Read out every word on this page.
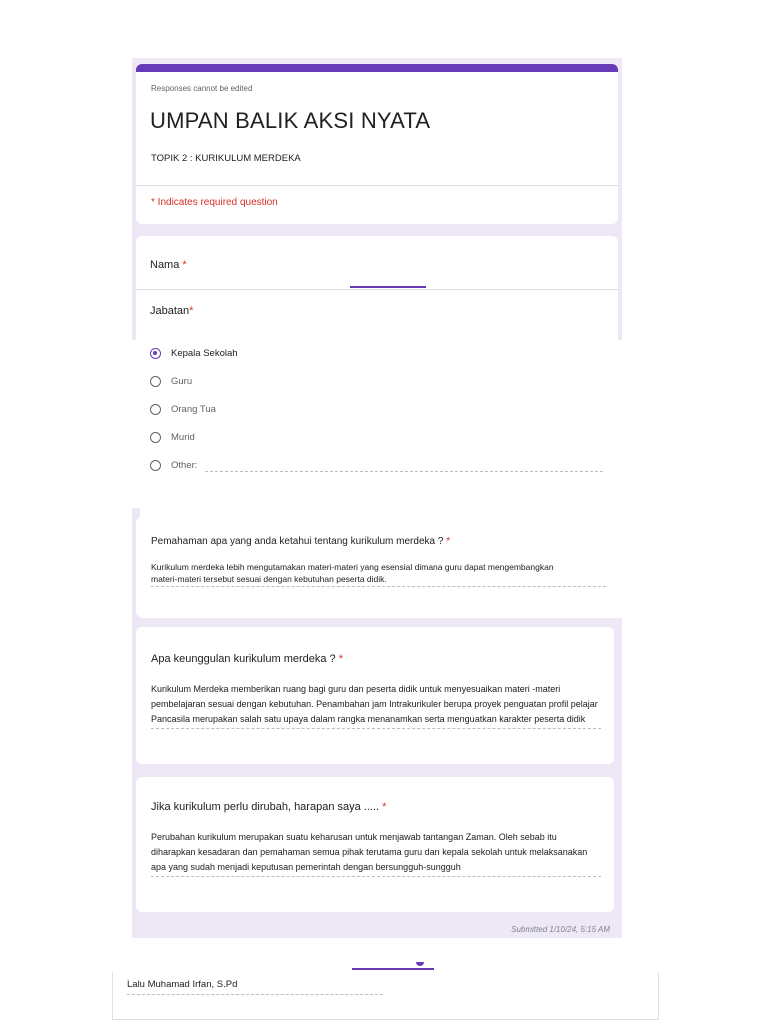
Responses cannot be edited
UMPAN BALIK AKSI NYATA
TOPIK 2 : KURIKULUM MERDEKA
* Indicates required question
Nama *
Jabatan*
Kepala Sekolah
Guru
Orang Tua
Murid
Other:
Pemahaman apa yang anda ketahui tentang kurikulum merdeka ? *
Kurikulum merdeka lebih mengutamakan materi-materi yang esensial dimana guru dapat mengembangkan
materi-materi tersebut sesuai dengan kebutuhan peserta didik.
Apa keunggulan kurikulum merdeka ? *
Kurikulum Merdeka memberikan ruang bagi guru dan peserta didik untuk menyesuaikan materi -materi
pembelajaran sesuai dengan kebutuhan. Penambahan jam Intrakurikuler berupa proyek penguatan profil pelajar
Pancasila merupakan salah satu upaya dalam rangka menanamkan serta menguatkan karakter peserta didik
Jika kurikulum perlu dirubah, harapan saya ..... *
Perubahan kurikulum merupakan suatu keharusan untuk menjawab tantangan Zaman. Oleh sebab itu
diharapkan kesadaran dan pemahaman semua pihak terutama guru dan kepala sekolah untuk melaksanakan
apa yang sudah menjadi keputusan pemerintah dengan bersungguh-sungguh
Submitted 1/10/24, 5:15 AM
Lalu Muhamad Irfan, S.Pd
